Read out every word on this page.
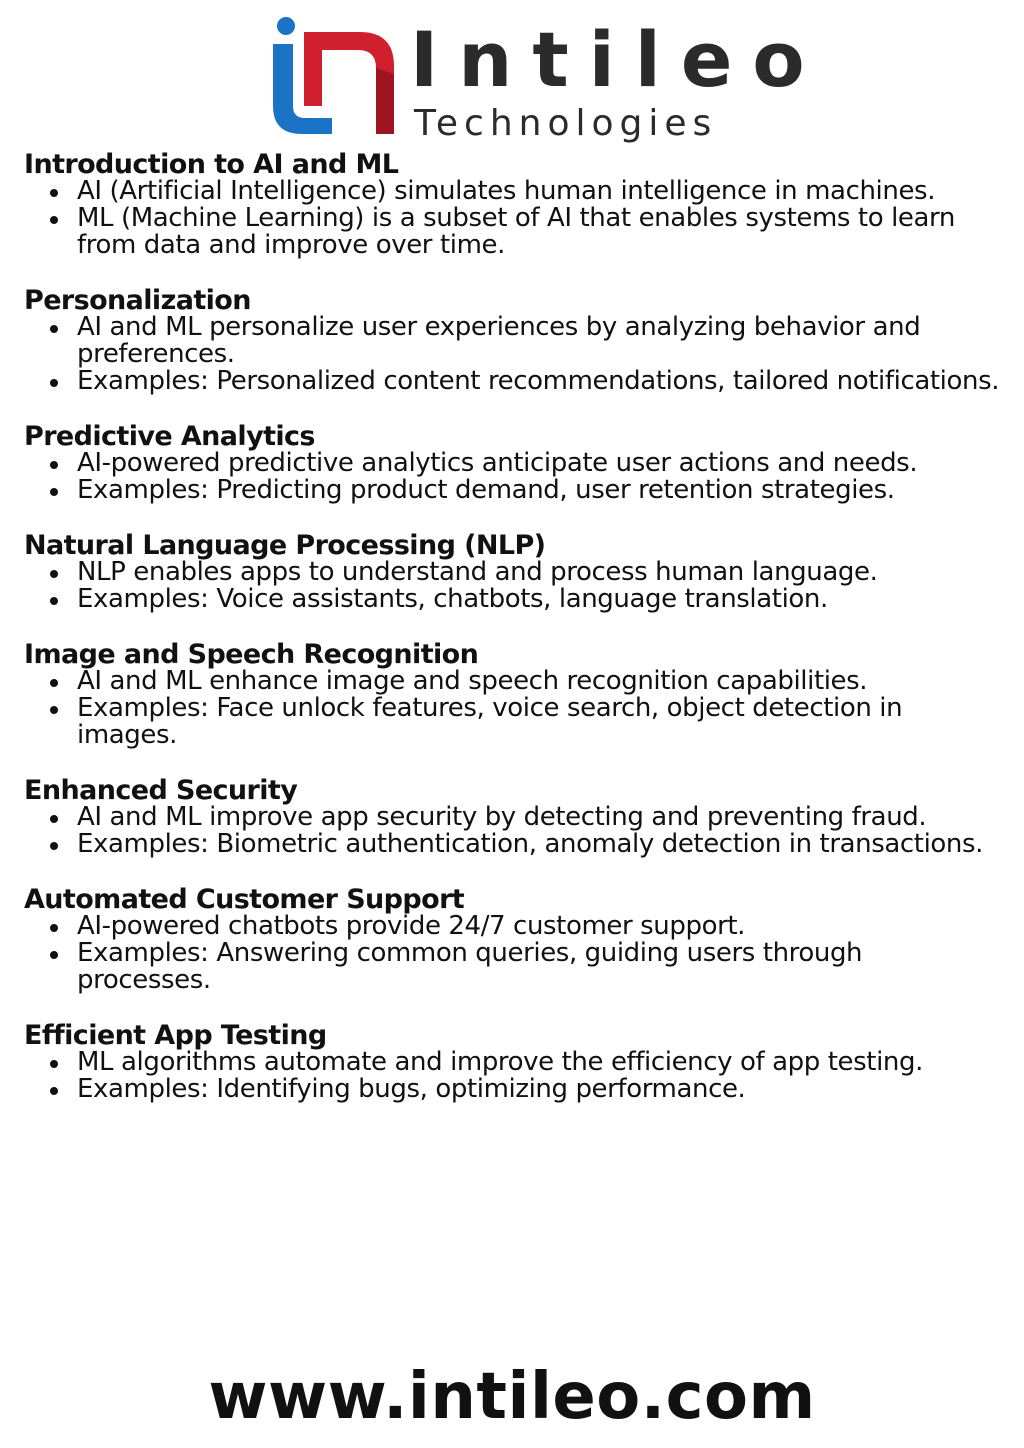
Intileo
Technologies
Introduction to AI and ML
AI (Artificial Intelligence) simulates human intelligence in machines.
ML (Machine Learning) is a subset of AI that enables systems to learn from data and improve over time.
Personalization
AI and ML personalize user experiences by analyzing behavior and preferences.
Examples: Personalized content recommendations, tailored notifications.
Predictive Analytics
AI-powered predictive analytics anticipate user actions and needs.
Examples: Predicting product demand, user retention strategies.
Natural Language Processing (NLP)
NLP enables apps to understand and process human language.
Examples: Voice assistants, chatbots, language translation.
Image and Speech Recognition
AI and ML enhance image and speech recognition capabilities.
Examples: Face unlock features, voice search, object detection in images.
Enhanced Security
AI and ML improve app security by detecting and preventing fraud.
Examples: Biometric authentication, anomaly detection in transactions.
Automated Customer Support
AI-powered chatbots provide 24/7 customer support.
Examples: Answering common queries, guiding users through processes.
Efficient App Testing
ML algorithms automate and improve the efficiency of app testing.
Examples: Identifying bugs, optimizing performance.
www.intileo.com
